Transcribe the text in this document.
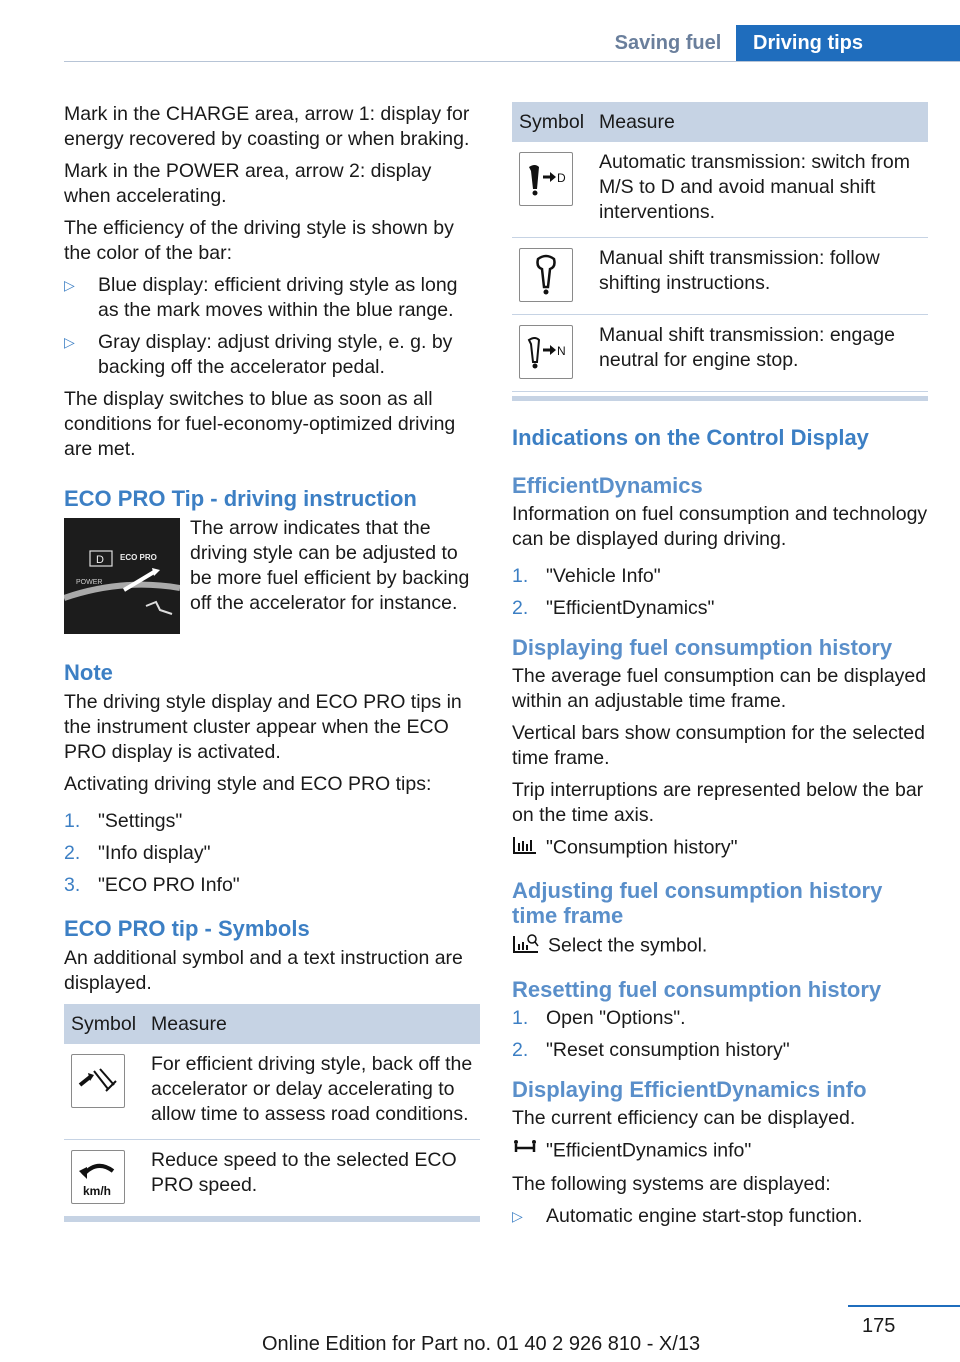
Saving fuel	Driving tips

Mark in the CHARGE area, arrow 1: display for energy recovered by coasting or when braking.

Mark in the POWER area, arrow 2: display when accelerating.

The efficiency of the driving style is shown by the color of the bar:

▷ Blue display: efficient driving style as long as the mark moves within the blue range.
▷ Gray display: adjust driving style, e. g. by backing off the accelerator pedal.

The display switches to blue as soon as all conditions for fuel-economy-optimized driving are met.

ECO PRO Tip - driving instruction
D ECO PRO
POWER

The arrow indicates that the driving style can be adjusted to be more fuel efficient by backing off the accelerator for instance.

Note

The driving style display and ECO PRO tips in the instrument cluster appear when the ECO PRO display is activated.

Activating driving style and ECO PRO tips:

1. "Settings"
2. "Info display"
3. "ECO PRO Info"
ECO PRO tip - Symbols

An additional symbol and a text instruction are displayed.

Symbol	Measure

	For efficient driving style, back off the accelerator or delay accelerating to allow time to assess road conditions.

km/h	Reduce speed to the selected ECO PRO speed.
Symbol	Measure

D	Automatic transmission: switch from M/S to D and avoid manual shift interventions.

	Manual shift transmission: follow shifting instructions.

N	Manual shift transmission: engage neutral for engine stop.
Indications on the Control Display
EfficientDynamics

Information on fuel consumption and technology can be displayed during driving.

1. "Vehicle Info"
2. "EfficientDynamics"
Displaying fuel consumption history

The average fuel consumption can be displayed within an adjustable time frame.

Vertical bars show consumption for the selected time frame.

Trip interruptions are represented below the bar on the time axis.

"Consumption history"

Adjusting fuel consumption history time frame

Select the symbol.

Resetting fuel consumption history
1. Open "Options".
2. "Reset consumption history"
Displaying EfficientDynamics info

The current efficiency can be displayed.

"EfficientDynamics info"

The following systems are displayed:

▷ Automatic engine start-stop function.
175
Online Edition for Part no. 01 40 2 926 810 - X/13
